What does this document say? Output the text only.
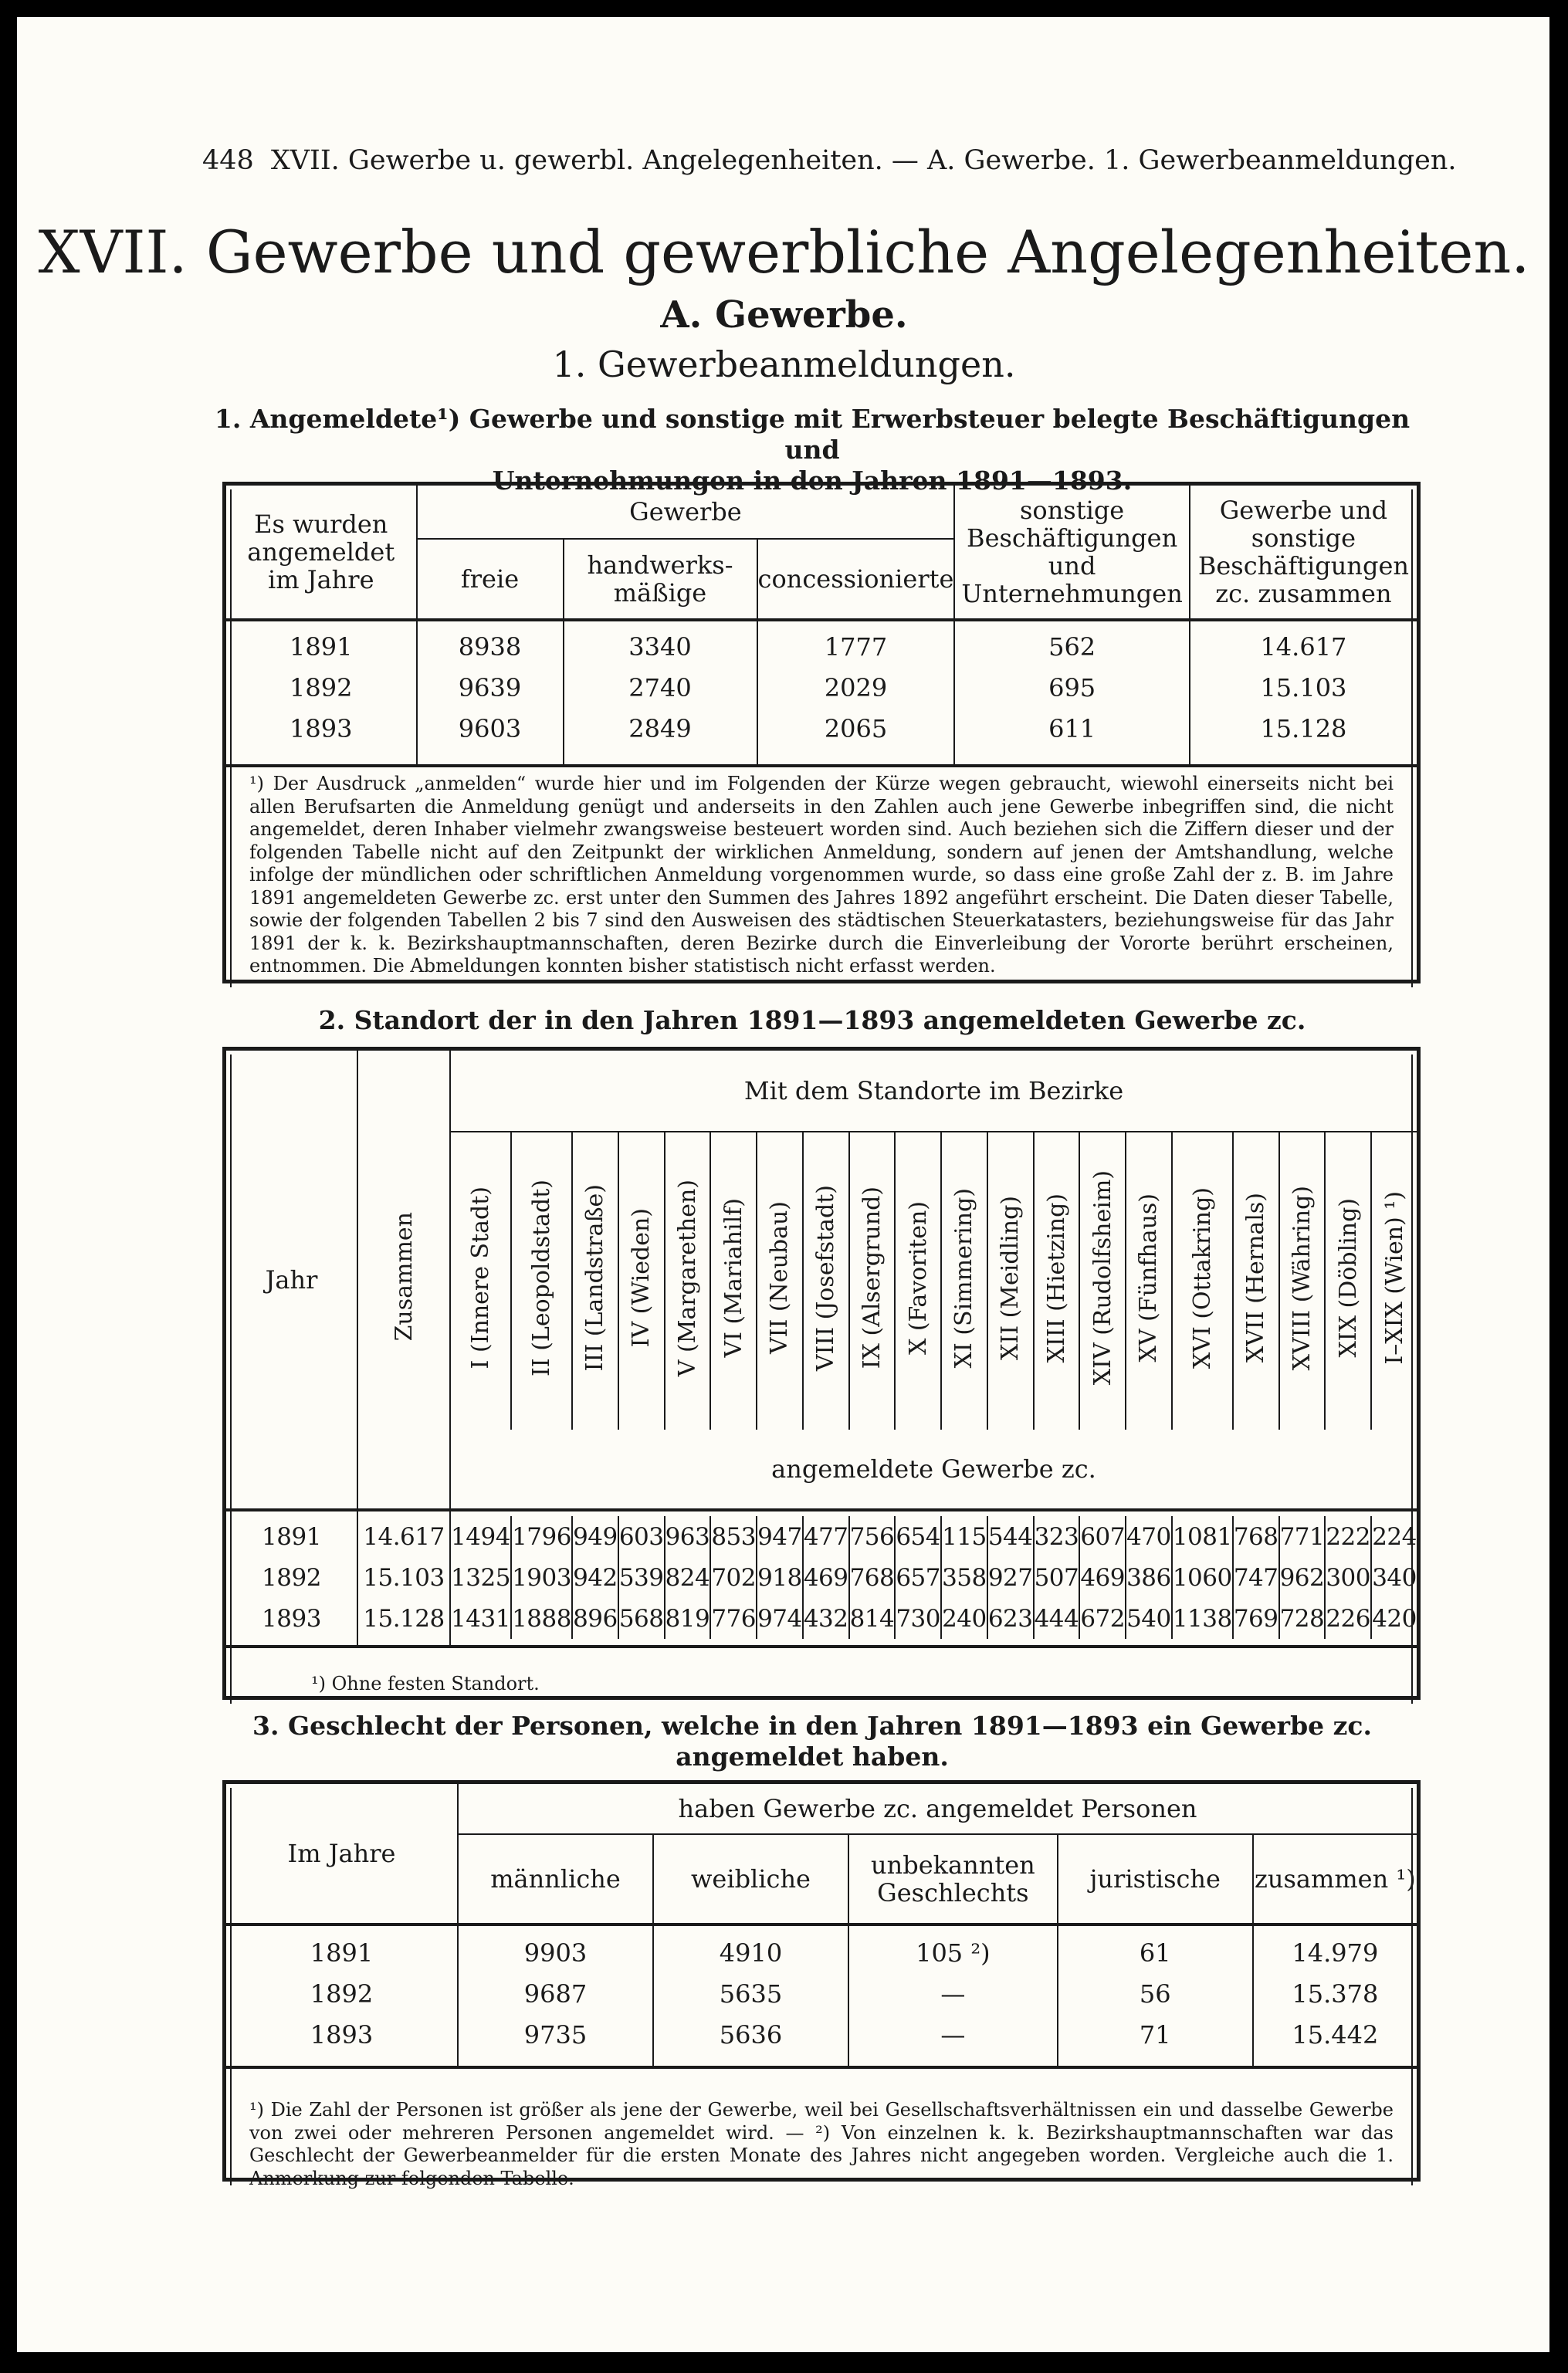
448 XVII. Gewerbe u. gewerbl. Angelegenheiten. — A. Gewerbe. 1. Gewerbeanmeldungen.
XVII. Gewerbe und gewerbliche Angelegenheiten.
A. Gewerbe.
1. Gewerbeanmeldungen.
1. Angemeldete¹) Gewerbe und sonstige mit Erwerbsteuer belegte Beschäftigungen und
Unternehmungen in den Jahren 1891—1893.
Es wurden angemeldet im Jahre	Gewerbe			sonstige Beschäftigungen und Unternehmungen	Gewerbe und sonstige Beschäftigungen zc. zusammen
	freie	handwerks-mäßige	concessionierte		

1891	8938	3340	1777	562	14.617
1892	9639	2740	2029	695	15.103
1893	9603	2849	2065	611	15.128

¹) Der Ausdruck „anmelden“ wurde hier und im Folgenden der Kürze wegen gebraucht, wiewohl einerseits nicht bei allen Berufsarten die Anmeldung genügt und anderseits in den Zahlen auch jene Gewerbe inbegriffen sind, die nicht angemeldet, deren Inhaber vielmehr zwangsweise besteuert worden sind. Auch beziehen sich die Ziffern dieser und der folgenden Tabelle nicht auf den Zeitpunkt der wirklichen Anmeldung, sondern auf jenen der Amtshandlung, welche infolge der mündlichen oder schriftlichen Anmeldung vorgenommen wurde, so dass eine große Zahl der z. B. im Jahre 1891 angemeldeten Gewerbe zc. erst unter den Summen des Jahres 1892 angeführt erscheint. Die Daten dieser Tabelle, sowie der folgenden Tabellen 2 bis 7 sind den Ausweisen des städtischen Steuerkatasters, beziehungsweise für das Jahr 1891 der k. k. Bezirkshauptmannschaften, deren Bezirke durch die Einverleibung der Vororte berührt erscheinen, entnommen. Die Abmeldungen konnten bisher statistisch nicht erfasst werden.
2. Standort der in den Jahren 1891—1893 angemeldeten Gewerbe zc.
Jahr	Zusammen	Mit dem Standorte im Bezirke																			
		I (Innere Stadt)	II (Leopoldstadt)	III (Landstraße)	IV (Wieden)	V (Margarethen)	VI (Mariahilf)	VII (Neubau)	VIII (Josefstadt)	IX (Alsergrund)	X (Favoriten)	XI (Simmering)	XII (Meidling)	XIII (Hietzing)	XIV (Rudolfsheim)	XV (Fünfhaus)	XVI (Ottakring)	XVII (Hernals)	XVIII (Währing)	XIX (Döbling)	I–XIX (Wien) ¹)
		angemeldete Gewerbe zc.																			

1891	14.617	1494	1796	949	603	963	853	947	477	756	654	115	544	323	607	470	1081	768	771	222	224
1892	15.103	1325	1903	942	539	824	702	918	469	768	657	358	927	507	469	386	1060	747	962	300	340
1893	15.128	1431	1888	896	568	819	776	974	432	814	730	240	623	444	672	540	1138	769	728	226	420

¹) Ohne festen Standort.
3. Geschlecht der Personen, welche in den Jahren 1891—1893 ein Gewerbe zc.
angemeldet haben.
Im Jahre	haben Gewerbe zc. angemeldet Personen				
	männliche	weibliche	unbekannten Geschlechts	juristische	zusammen ¹)

1891	9903	4910	105 ²)	61	14.979
1892	9687	5635	—	56	15.378
1893	9735	5636	—	71	15.442

¹) Die Zahl der Personen ist größer als jene der Gewerbe, weil bei Gesellschaftsverhältnissen ein und dasselbe Gewerbe von zwei oder mehreren Personen angemeldet wird. — ²) Von einzelnen k. k. Bezirkshauptmannschaften war das Geschlecht der Gewerbeanmelder für die ersten Monate des Jahres nicht angegeben worden. Vergleiche auch die 1. Anmerkung zur folgenden Tabelle.
